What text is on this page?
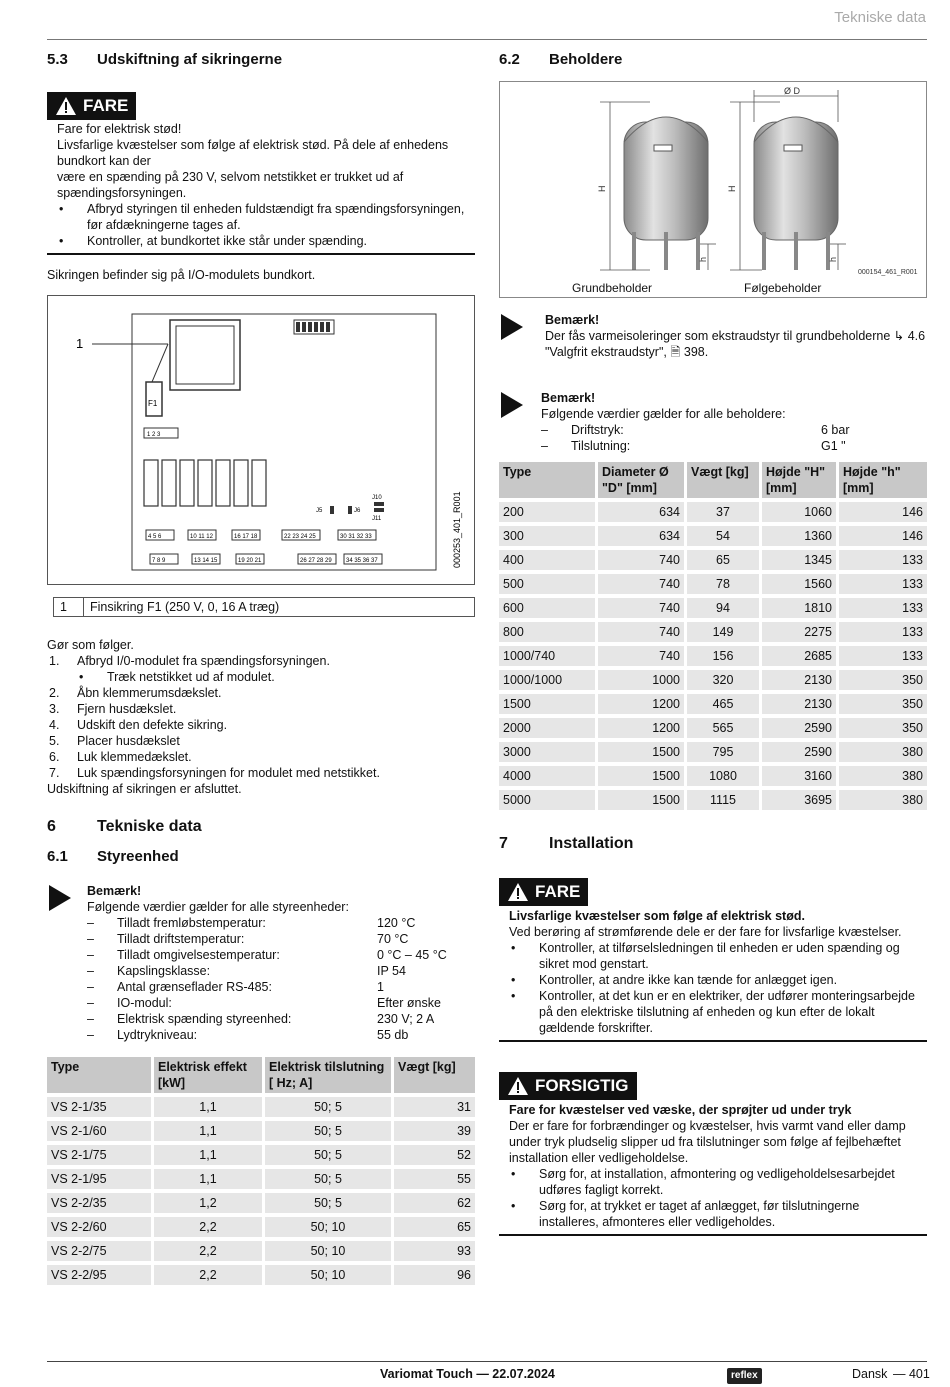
Tekniske data
5.3	Udskiftning af sikringerne
FARE

Fare for elektrisk stød!

Livsfarlige kvæstelser som følge af elektrisk stød. På dele af enhedens bundkort kan der

være en spænding på 230 V, selvom netstikket er trukket ud af spændingsforsyningen.

•	Afbryd styringen til enheden fuldstændigt fra spændingsforsyningen, før afdækningerne tages af.
•	Kontroller, at bundkortet ikke står under spænding.

Sikringen befinder sig på I/O-modulets bundkort.

1
F1
1 2 3
J5	J6
J10
J11
4 5 6	10 11 12	16 17 18	22 23 24 25	30 31 32 33
7 8 9	13 14 15	19 20 21	26 27 28 29 34 35 36 37	000253_401_R001
1	Finsikring F1 (250 V, 0, 16 A træg)

Gør som følger.

1.	Afbryd I/0-modulet fra spændingsforsyningen.
•	Træk netstikket ud af modulet.
2.	Åbn klemmerumsdækslet.
3.	Fjern husdækslet.
4.	Udskift den defekte sikring.
5.	Placer husdækslet
6.	Luk klemmedækslet.
7.	Luk spændingsforsyningen for modulet med netstikket.

Udskiftning af sikringen er afsluttet.

6	Tekniske data
6.1	Styreenhed

Bemærk!

Følgende værdier gælder for alle styreenheder:

–	Tilladt fremløbstemperatur:	120 °C
–	Tilladt driftstemperatur:	70 °C
–	Tilladt omgivelsestemperatur:	0 °C – 45 °C
–	Kapslingsklasse:	IP 54
–	Antal grænseflader RS-485:	1
–	IO-modul:	Efter ønske
–	Elektrisk spænding styreenhed:	230 V; 2 A
–	Lydtrykniveau:	55 db
Type	Elektrisk effekt [kW]	Elektrisk tilslutning [ Hz; A]	Vægt [kg]
VS 2-1/35	1,1	50; 5	31
VS 2-1/60	1,1	50; 5	39
VS 2-1/75	1,1	50; 5	52
VS 2-1/95	1,1	50; 5	55
VS 2-2/35	1,2	50; 5	62
VS 2-2/60	2,2	50; 10	65
VS 2-2/75	2,2	50; 10	93
VS 2-2/95	2,2	50; 10	96
6.2	Beholdere
Ø D
H	H
h	h
000154_461_R001
Grundbeholder	Følgebeholder

Bemærk!

Der fås varmeisoleringer som ekstraudstyr til grundbeholderne ↳ 4.6 "Valgfrit ekstraudstyr", 🗎 398.

Bemærk!

Følgende værdier gælder for alle beholdere:

–	Driftstryk:	6 bar
–	Tilslutning:	G1 "
Type	Diameter Ø "D" [mm]	Vægt [kg]	Højde "H" [mm]	Højde "h" [mm]
200	634	37	1060	146
300	634	54	1360	146
400	740	65	1345	133
500	740	78	1560	133
600	740	94	1810	133
800	740	149	2275	133
1000/740	740	156	2685	133
1000/1000	1000	320	2130	350
1500	1200	465	2130	350
2000	1200	565	2590	350
3000	1500	795	2590	380
4000	1500	1080	3160	380
5000	1500	1115	3695	380
7	Installation
FARE

Livsfarlige kvæstelser som følge af elektrisk stød.

Ved berøring af strømførende dele er der fare for livsfarlige kvæstelser.

•	Kontroller, at tilførselsledningen til enheden er uden spænding og sikret mod genstart.
•	Kontroller, at andre ikke kan tænde for anlægget igen.
•	Kontroller, at det kun er en elektriker, der udfører monteringsarbejde på den elektriske tilslutning af enheden og kun efter de lokalt gældende forskrifter.
FORSIGTIG

Fare for kvæstelser ved væske, der sprøjter ud under tryk

Der er fare for forbrændinger og kvæstelser, hvis varmt vand eller damp under tryk pludselig slipper ud fra tilslutninger som følge af fejlbehæftet installation eller vedligeholdelse.

•	Sørg for, at installation, afmontering og vedligeholdelsesarbejdet udføres fagligt korrekt.
•	Sørg for, at trykket er taget af anlægget, før tilslutningerne installeres, afmonteres eller vedligeholdes.
Variomat Touch — 22.07.2024	reflex	Dansk — 401
